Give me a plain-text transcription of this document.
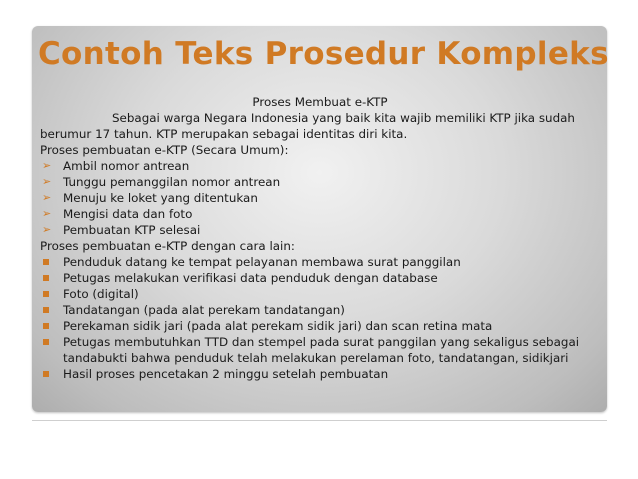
Contoh Teks Prosedur Kompleks

Proses Membuat e-KTP

Sebagai warga Negara Indonesia yang baik kita wajib memiliki KTP jika sudah berumur 17 tahun. KTP merupakan sebagai identitas diri kita.

Proses pembuatan e-KTP (Secara Umum):

➢ Ambil nomor antrean

➢ Tunggu pemanggilan nomor antrean

➢ Menuju ke loket yang ditentukan

➢ Mengisi data dan foto

➢ Pembuatan KTP selesai

Proses pembuatan e-KTP dengan cara lain:

Penduduk datang ke tempat pelayanan membawa surat panggilan

Petugas melakukan verifikasi data penduduk dengan database

Foto (digital)

Tandatangan (pada alat perekam tandatangan)

Perekaman sidik jari (pada alat perekam sidik jari) dan scan retina mata

Petugas membutuhkan TTD dan stempel pada surat panggilan yang sekaligus sebagai tandabukti bahwa penduduk telah melakukan perelaman foto, tandatangan, sidikjari

Hasil proses pencetakan 2 minggu setelah pembuatan
